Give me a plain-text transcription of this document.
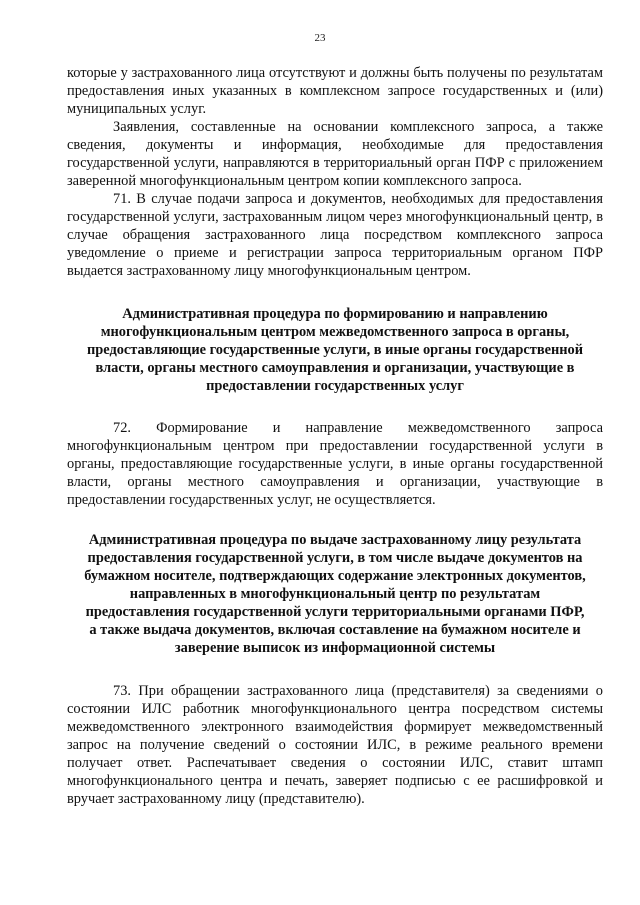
23

которые у застрахованного лица отсутствуют и должны быть получены по результатам предоставления иных указанных в комплексном запросе государственных и (или) муниципальных услуг.

Заявления, составленные на основании комплексного запроса, а также сведения, документы и информация, необходимые для предоставления государственной услуги, направляются в территориальный орган ПФР с приложением заверенной многофункциональным центром копии комплексного запроса.

71. В случае подачи запроса и документов, необходимых для предоставления государственной услуги, застрахованным лицом через многофункциональный центр, в случае обращения застрахованного лица посредством комплексного запроса уведомление о приеме и регистрации запроса территориальным органом ПФР выдается застрахованному лицу многофункциональным центром.

Административная процедура по формированию и направлению многофункциональным центром межведомственного запроса в органы, предоставляющие государственные услуги, в иные органы государственной власти, органы местного самоуправления и организации, участвующие в предоставлении государственных услуг

72. Формирование и направление межведомственного запроса многофункциональным центром при предоставлении государственной услуги в органы, предоставляющие государственные услуги, в иные органы государственной власти, органы местного самоуправления и организации, участвующие в предоставлении государственных услуг, не осуществляется.

Административная процедура по выдаче застрахованному лицу результата предоставления государственной услуги, в том числе выдаче документов на бумажном носителе, подтверждающих содержание электронных документов, направленных в многофункциональный центр по результатам предоставления государственной услуги территориальными органами ПФР, а также выдача документов, включая составление на бумажном носителе и заверение выписок из информационной системы

73. При обращении застрахованного лица (представителя) за сведениями о состоянии ИЛС работник многофункционального центра посредством системы межведомственного электронного взаимодействия формирует межведомственный запрос на получение сведений о состоянии ИЛС, в режиме реального времени получает ответ. Распечатывает сведения о состоянии ИЛС, ставит штамп многофункционального центра и печать, заверяет подписью с ее расшифровкой и вручает застрахованному лицу (представителю).
